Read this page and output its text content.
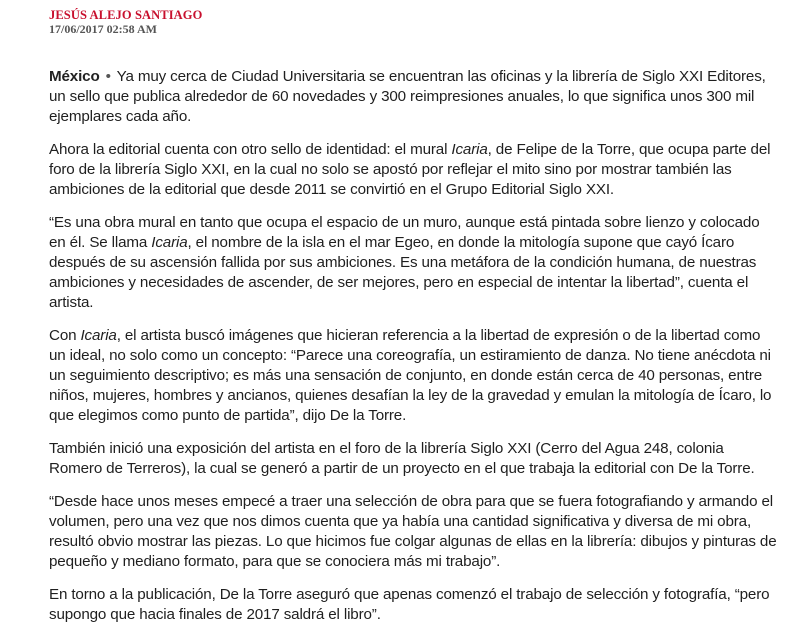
JESÚS ALEJO SANTIAGO
17/06/2017 02:58 AM

México • Ya muy cerca de Ciudad Universitaria se encuentran las oficinas y la librería de Siglo XXI Editores, un sello que publica alrededor de 60 novedades y 300 reimpresiones anuales, lo que significa unos 300 mil ejemplares cada año.

Ahora la editorial cuenta con otro sello de identidad: el mural Icaria, de Felipe de la Torre, que ocupa parte del foro de la librería Siglo XXI, en la cual no solo se apostó por reflejar el mito sino por mostrar también las ambiciones de la editorial que desde 2011 se convirtió en el Grupo Editorial Siglo XXI.

“Es una obra mural en tanto que ocupa el espacio de un muro, aunque está pintada sobre lienzo y colocado en él. Se llama Icaria, el nombre de la isla en el mar Egeo, en donde la mitología supone que cayó Ícaro después de su ascensión fallida por sus ambiciones. Es una metáfora de la condición humana, de nuestras ambiciones y necesidades de ascender, de ser mejores, pero en especial de intentar la libertad”, cuenta el artista.

Con Icaria, el artista buscó imágenes que hicieran referencia a la libertad de expresión o de la libertad como un ideal, no solo como un concepto: “Parece una coreografía, un estiramiento de danza. No tiene anécdota ni un seguimiento descriptivo; es más una sensación de conjunto, en donde están cerca de 40 personas, entre niños, mujeres, hombres y ancianos, quienes desafían la ley de la gravedad y emulan la mitología de Ícaro, lo que elegimos como punto de partida”, dijo De la Torre.

También inició una exposición del artista en el foro de la librería Siglo XXI (Cerro del Agua 248, colonia Romero de Terreros), la cual se generó a partir de un proyecto en el que trabaja la editorial con De la Torre.

“Desde hace unos meses empecé a traer una selección de obra para que se fuera fotografiando y armando el volumen, pero una vez que nos dimos cuenta que ya había una cantidad significativa y diversa de mi obra, resultó obvio mostrar las piezas. Lo que hicimos fue colgar algunas de ellas en la librería: dibujos y pinturas de pequeño y mediano formato, para que se conociera más mi trabajo”.

En torno a la publicación, De la Torre aseguró que apenas comenzó el trabajo de selección y fotografía, “pero supongo que hacia finales de 2017 saldrá el libro”.
